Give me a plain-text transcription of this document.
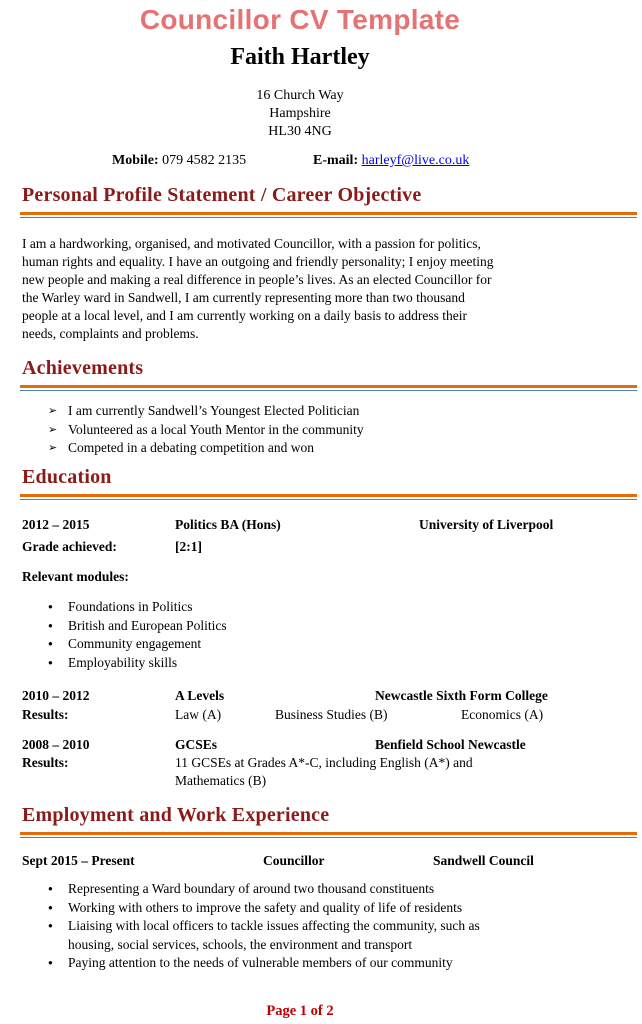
Councillor CV Template
Faith Hartley
16 Church Way
Hampshire
HL30 4NG
Mobile: 079 4582 2135	E-mail: harleyf@live.co.uk
Personal Profile Statement / Career Objective
I am a hardworking, organised, and motivated Councillor, with a passion for politics,
human rights and equality. I have an outgoing and friendly personality; I enjoy meeting
new people and making a real difference in people’s lives. As an elected Councillor for
the Warley ward in Sandwell, I am currently representing more than two thousand
people at a local level, and I am currently working on a daily basis to address their
needs, complaints and problems.
Achievements
➢ I am currently Sandwell’s Youngest Elected Politician
➢ Volunteered as a local Youth Mentor in the community
➢ Competed in a debating competition and won
Education
2012 – 2015	Politics BA (Hons)	University of Liverpool
Grade achieved:	[2:1]
Relevant modules:
● Foundations in Politics
● British and European Politics
● Community engagement
● Employability skills
2010 – 2012	A Levels	Newcastle Sixth Form College
Results:	Law (A)	Business Studies (B)	Economics (A)
2008 – 2010	GCSEs	Benfield School Newcastle
Results:	11 GCSEs at Grades A*-C, including English (A*) and
Mathematics (B)
Employment and Work Experience
Sept 2015 – Present	Councillor	Sandwell Council
● Representing a Ward boundary of around two thousand constituents
● Working with others to improve the safety and quality of life of residents
● Liaising with local officers to tackle issues affecting the community, such as
housing, social services, schools, the environment and transport
● Paying attention to the needs of vulnerable members of our community
Page 1 of 2
